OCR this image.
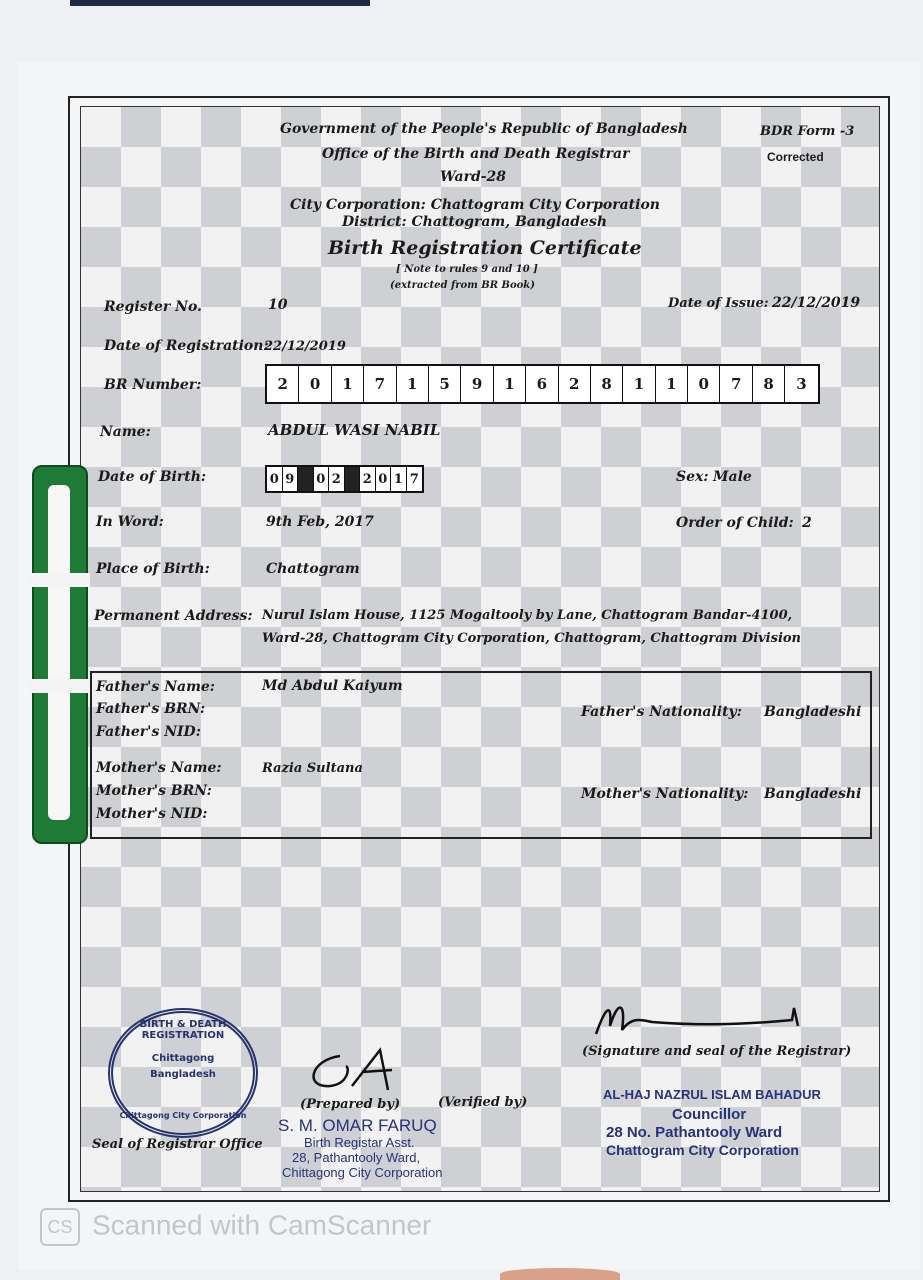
Government of the People's Republic of Bangladesh
Office of the Birth and Death Registrar
Ward-28
City Corporation: Chattogram City Corporation
District: Chattogram, Bangladesh
Birth Registration Certificate
[ Note to rules 9 and 10 ]
(extracted from BR Book)
BDR Form -3
Corrected
Register No.	10	Date of Issue: 22/12/2019
Date of Registration:
22/12/2019
BR Number:	2	0	1	7	1	5	9	1	6	2	8	1	1	0	7	8	3
Name:	ABDUL WASI NABIL
Date of Birth:	0 9 0 2 2 0 1 7	Sex: Male
In Word:	9th Feb, 2017	Order of Child: 2
Place of Birth:	Chattogram
Permanent Address: Nurul Islam House, 1125 Mogaltooly by Lane, Chattogram Bandar-4100,
Ward-28, Chattogram City Corporation, Chattogram, Chattogram Division
Father's Name:	Md Abdul Kaiyum
Father's BRN:
Father's NID:
Father's Nationality: Bangladeshi
Mother's Name:	Razia Sultana
Mother's BRN:
Mother's NID:
Mother's Nationality: Bangladeshi
BIRTH & DEATH REGISTRATION
Chittagong
Bangladesh
Chittagong City Corporation
Seal of Registrar Office
(Prepared by)	(Verified by)
S. M. OMAR FARUQ
Birth Registar Asst.
28, Pathantooly Ward,
Chittagong City Corporation
(Signature and seal of the Registrar)
AL-HAJ NAZRUL ISLAM BAHADUR
Councillor
28 No. Pathantooly Ward
Chattogram City Corporation
CS Scanned with CamScanner
